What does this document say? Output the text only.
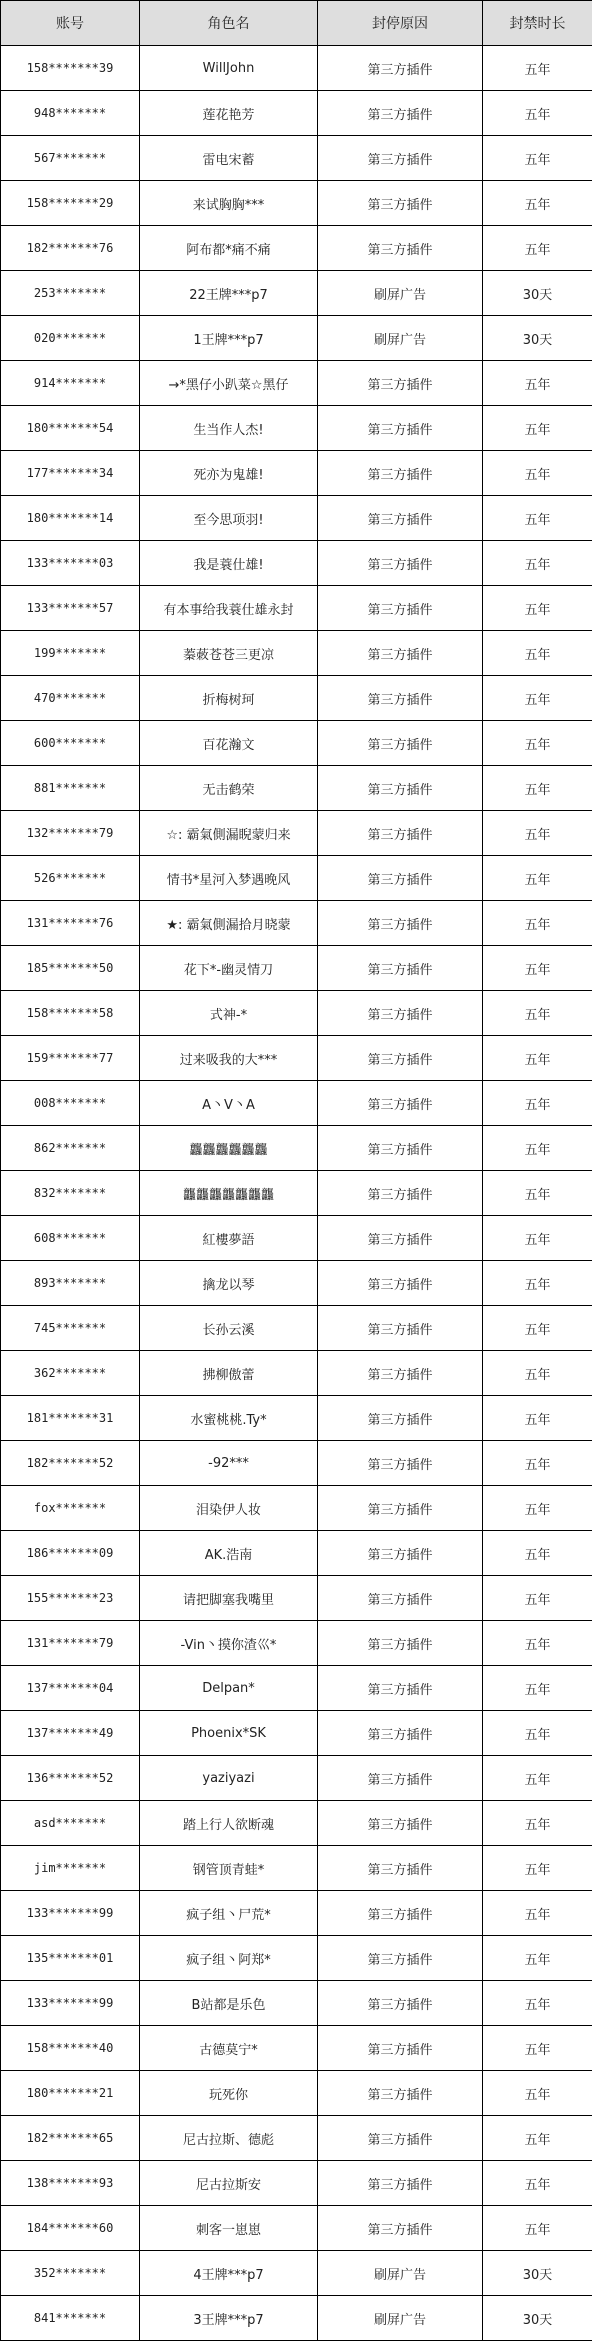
账号	角色名	封停原因	封禁时长
158*******39	WillJohn	第三方插件	五年
948*******	莲花艳芳	第三方插件	五年
567*******	雷电宋蓄	第三方插件	五年
158*******29	来试胸胸***	第三方插件	五年
182*******76	阿布都*痛不痛	第三方插件	五年
253*******	22王牌***p7	刷屏广告	30天
020*******	1王牌***p7	刷屏广告	30天
914*******	→*黑仔小趴菜☆黑仔	第三方插件	五年
180*******54	生当作人杰!	第三方插件	五年
177*******34	死亦为鬼雄!	第三方插件	五年
180*******14	至今思项羽!	第三方插件	五年
133*******03	我是蓑仕雄!	第三方插件	五年
133*******57	有本事给我蓑仕雄永封	第三方插件	五年
199*******	蓁蓛苍苍三更凉	第三方插件	五年
470*******	折梅树珂	第三方插件	五年
600*******	百花瀚文	第三方插件	五年
881*******	无击鹤荣	第三方插件	五年
132*******79	☆: 霸氣側漏睨蒙归来	第三方插件	五年
526*******	情书*星河入梦遇晚风	第三方插件	五年
131*******76	★: 霸氣側漏拾月晓蒙	第三方插件	五年
185*******50	花下*-幽灵情刀	第三方插件	五年
158*******58	式神-*	第三方插件	五年
159*******77	过来吸我的大***	第三方插件	五年
008*******	A丶V丶A	第三方插件	五年
862*******	龘龘龘龘龘龘	第三方插件	五年
832*******	龘龘龘龘龘龘龘	第三方插件	五年
608*******	紅樓夢語	第三方插件	五年
893*******	擒龙以琴	第三方插件	五年
745*******	长孙云溪	第三方插件	五年
362*******	拂柳傲蕾	第三方插件	五年
181*******31	水蜜桃桃.Ty*	第三方插件	五年
182*******52	-92***	第三方插件	五年
fox*******	泪染伊人妆	第三方插件	五年
186*******09	AK.浩南	第三方插件	五年
155*******23	请把脚塞我嘴里	第三方插件	五年
131*******79	-Vin丶摸你渣巛*	第三方插件	五年
137*******04	Delpan*	第三方插件	五年
137*******49	Phoenix*SK	第三方插件	五年
136*******52	yaziyazi	第三方插件	五年
asd*******	踏上行人欲断魂	第三方插件	五年
jim*******	钢管顶青蛙*	第三方插件	五年
133*******99	疯子组丶尸荒*	第三方插件	五年
135*******01	疯子组丶阿郑*	第三方插件	五年
133*******99	B站都是乐色	第三方插件	五年
158*******40	古德莫宁*	第三方插件	五年
180*******21	玩死你	第三方插件	五年
182*******65	尼古拉斯、德彪	第三方插件	五年
138*******93	尼古拉斯安	第三方插件	五年
184*******60	刺客一崽崽	第三方插件	五年
352*******	4王牌***p7	刷屏广告	30天
841*******	3王牌***p7	刷屏广告	30天
